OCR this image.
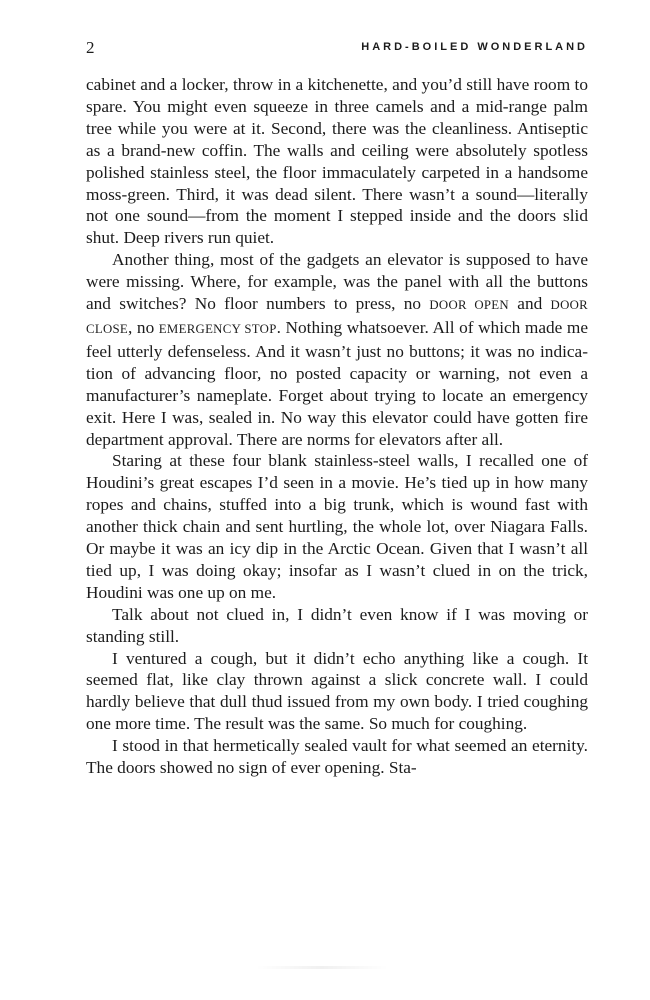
2	HARD-BOILED WONDERLAND

cabinet and a locker, throw in a kitchenette, and you’d still have room to spare. You might even squeeze in three camels and a mid-range palm tree while you were at it. Second, there was the cleanliness. Antiseptic as a brand-new coffin. The walls and ceiling were absolutely spotless polished stainless steel, the floor immaculately carpeted in a handsome moss-green. Third, it was dead silent. There wasn’t a sound—literally not one sound—from the moment I stepped inside and the doors slid shut. Deep rivers run quiet.

Another thing, most of the gadgets an elevator is supposed to have were missing. Where, for example, was the panel with all the buttons and switches? No floor numbers to press, no DOOR OPEN and DOOR CLOSE, no EMERGENCY STOP. Nothing whatsoever. All of which made me feel utterly defenseless. And it wasn’t just no buttons; it was no indication of advancing floor, no posted capacity or warning, not even a manufacturer’s nameplate. Forget about trying to locate an emergency exit. Here I was, sealed in. No way this elevator could have gotten fire department approval. There are norms for elevators after all.

Staring at these four blank stainless-steel walls, I recalled one of Houdini’s great escapes I’d seen in a movie. He’s tied up in how many ropes and chains, stuffed into a big trunk, which is wound fast with another thick chain and sent hurtling, the whole lot, over Niagara Falls. Or maybe it was an icy dip in the Arctic Ocean. Given that I wasn’t all tied up, I was doing okay; insofar as I wasn’t clued in on the trick, Houdini was one up on me.

Talk about not clued in, I didn’t even know if I was moving or standing still.

I ventured a cough, but it didn’t echo anything like a cough. It seemed flat, like clay thrown against a slick concrete wall. I could hardly believe that dull thud issued from my own body. I tried coughing one more time. The result was the same. So much for coughing.

I stood in that hermetically sealed vault for what seemed an eternity. The doors showed no sign of ever opening. Sta-
